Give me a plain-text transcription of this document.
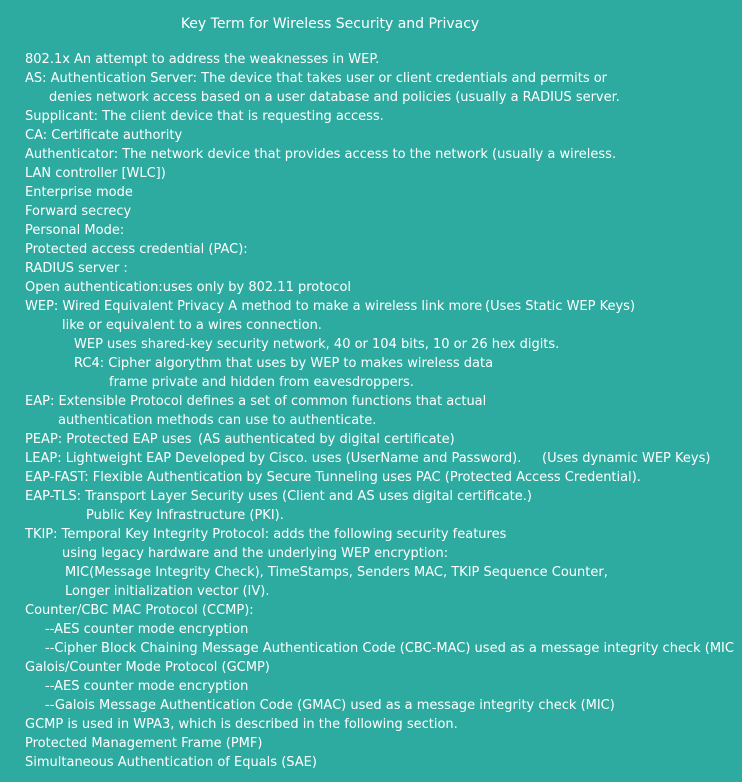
Key Term for Wireless Security and Privacy
802.1x An attempt to address the weaknesses in WEP.
AS: Authentication Server: The device that takes user or client credentials and permits or
denies network access based on a user database and policies (usually a RADIUS server.
Supplicant: The client device that is requesting access.
CA: Certificate authority
Authenticator: The network device that provides access to the network (usually a wireless.
LAN controller [WLC])
Enterprise mode
Forward secrecy
Personal Mode:
Protected access credential (PAC):
RADIUS server :
Open authentication:uses only by 802.11 protocol
WEP: Wired Equivalent Privacy A method to make a wireless link more (Uses Static WEP Keys)
like or equivalent to a wires connection.
WEP uses shared-key security network, 40 or 104 bits, 10 or 26 hex digits.
RC4: Cipher algorythm that uses by WEP to makes wireless data
frame private and hidden from eavesdroppers.
EAP: Extensible Protocol defines a set of common functions that actual
authentication methods can use to authenticate.
PEAP: Protected EAP uses (AS authenticated by digital certificate)
LEAP: Lightweight EAP Developed by Cisco. uses (UserName and Password). (Uses dynamic WEP Keys)
EAP-FAST: Flexible Authentication by Secure Tunneling uses PAC (Protected Access Credential).
EAP-TLS: Transport Layer Security uses (Client and AS uses digital certificate.)
Public Key Infrastructure (PKI).
TKIP: Temporal Key Integrity Protocol: adds the following security features
using legacy hardware and the underlying WEP encryption:
MIC(Message Integrity Check), TimeStamps, Senders MAC, TKIP Sequence Counter,
Longer initialization vector (IV).
Counter/CBC MAC Protocol (CCMP):
--AES counter mode encryption
--Cipher Block Chaining Message Authentication Code (CBC-MAC) used as a message integrity check (MIC
Galois/Counter Mode Protocol (GCMP)
--AES counter mode encryption
--Galois Message Authentication Code (GMAC) used as a message integrity check (MIC)
GCMP is used in WPA3, which is described in the following section.
Protected Management Frame (PMF)
Simultaneous Authentication of Equals (SAE)
